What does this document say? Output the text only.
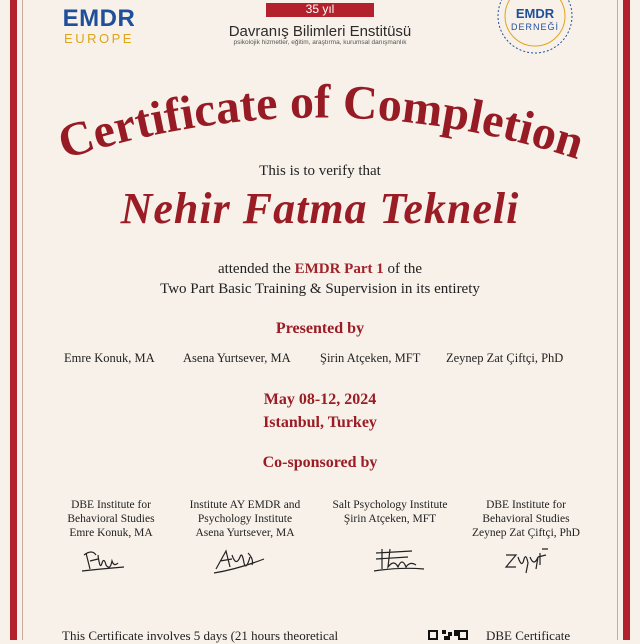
EMDR
EUROPE
35 yıl
Davranış Bilimleri Enstitüsü
psikolojik hizmetler, eğitim, araştırma, kurumsal danışmanlık
EMDR
DERNEĞİ
Certificate of Completion
This is to verify that
Nehir Fatma Tekneli
attended the EMDR Part 1 of the
Two Part Basic Training & Supervision in its entirety
Presented by
Emre Konuk, MA Asena Yurtsever, MA Şirin Atçeken, MFT Zeynep Zat Çiftçi, PhD
May 08-12, 2024
Istanbul, Turkey
Co-sponsored by
DBE Institute for
Behavioral Studies
Emre Konuk, MA
Institute AY EMDR and
Psychology Institute
Asena Yurtsever, MA
Salt Psychology Institute
Şirin Atçeken, MFT
DBE Institute for
Behavioral Studies
Zeynep Zat Çiftçi, PhD
This Certificate involves 5 days (21 hours theoretical	DBE Certificate
